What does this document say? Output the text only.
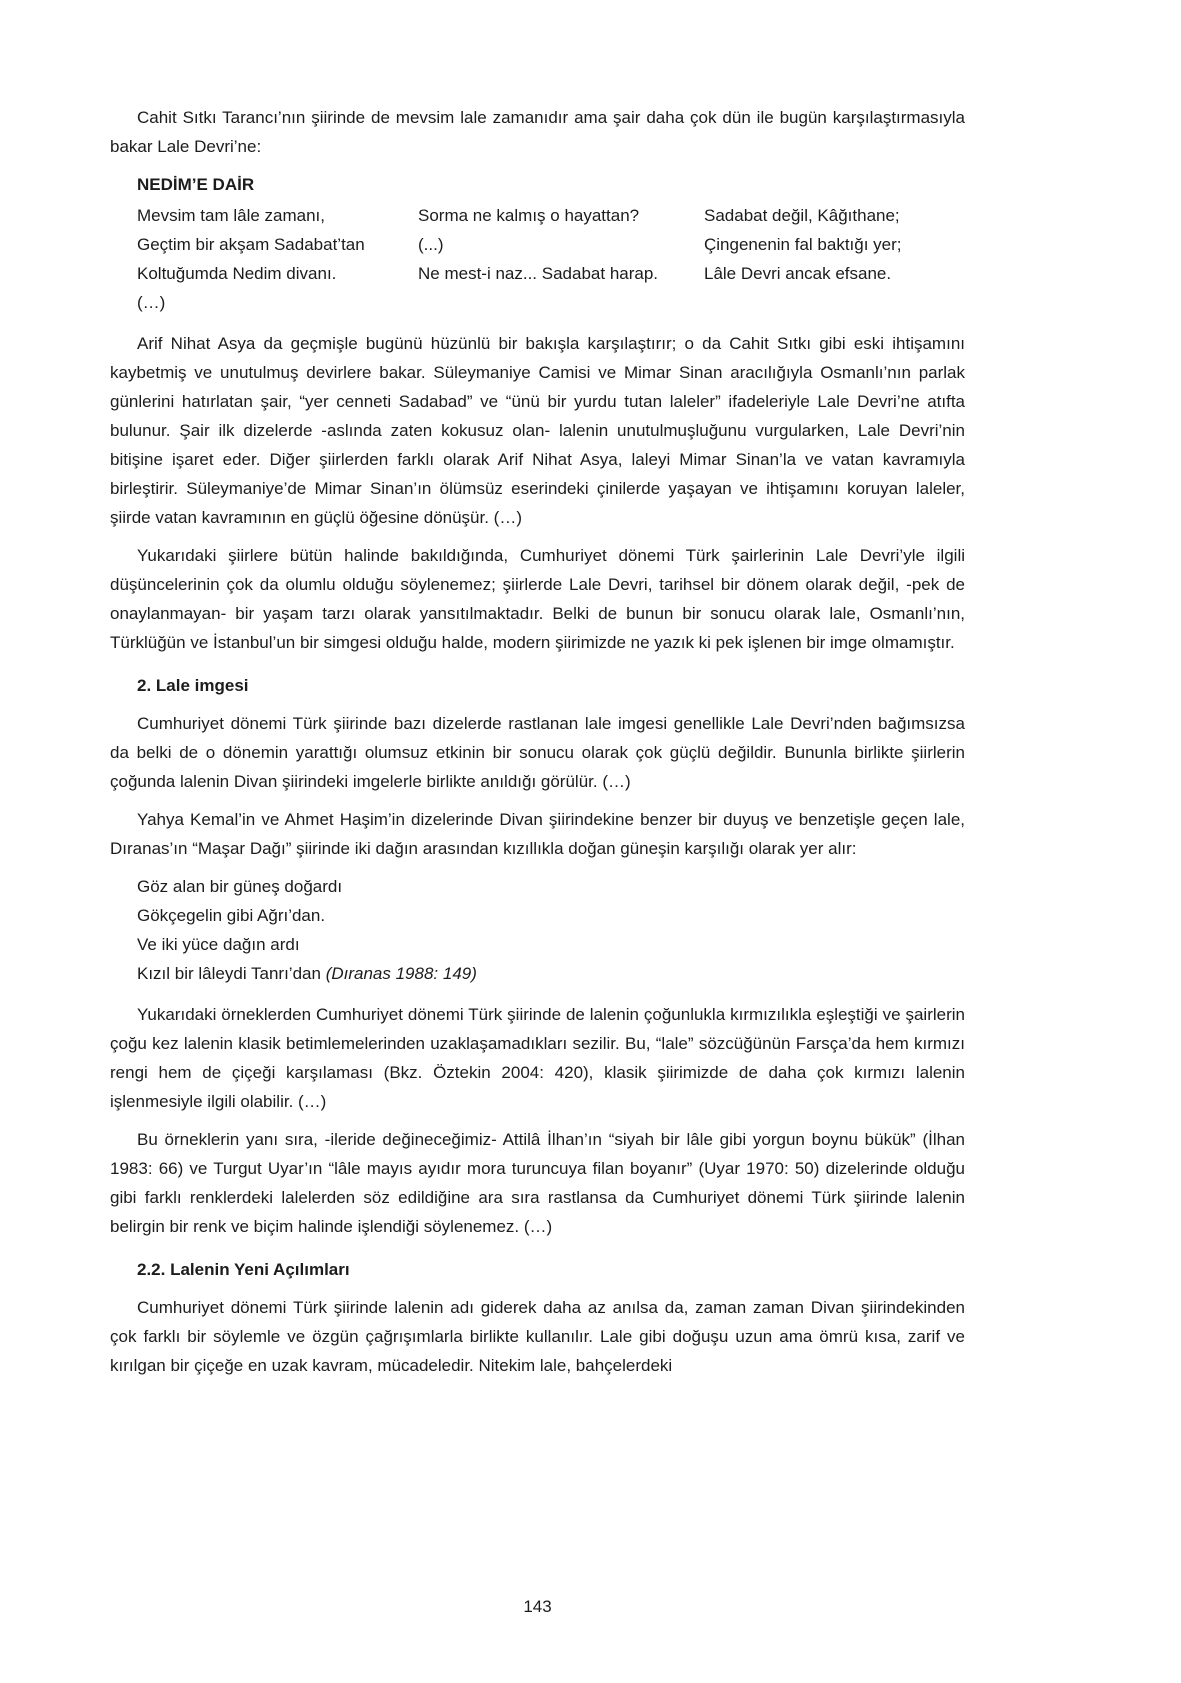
Cahit Sıtkı Tarancı’nın şiirinde de mevsim lale zamanıdır ama şair daha çok dün ile bugün karşılaştırmasıyla bakar Lale Devri’ne:

NEDİM’E DAİR
Mevsim tam lâle zamanı,
Geçtim bir akşam Sadabat’tan
Koltuğumda Nedim divanı.
(…)
Sorma ne kalmış o hayattan?
(...)
Ne mest-i naz... Sadabat harap.
Sadabat değil, Kâğıthane;
Çingenenin fal baktığı yer;
Lâle Devri ancak efsane.

Arif Nihat Asya da geçmişle bugünü hüzünlü bir bakışla karşılaştırır; o da Cahit Sıtkı gibi eski ihtişamını kaybetmiş ve unutulmuş devirlere bakar. Süleymaniye Camisi ve Mimar Sinan aracılığıyla Osmanlı’nın parlak günlerini hatırlatan şair, “yer cenneti Sadabad” ve “ünü bir yurdu tutan laleler” ifadeleriyle Lale Devri’ne atıfta bulunur. Şair ilk dizelerde -aslında zaten kokusuz olan- lalenin unutulmuşluğunu vurgularken, Lale Devri’nin bitişine işaret eder. Diğer şiirlerden farklı olarak Arif Nihat Asya, laleyi Mimar Sinan’la ve vatan kavramıyla birleştirir. Süleymaniye’de Mimar Sinan’ın ölümsüz eserindeki çinilerde yaşayan ve ihtişamını koruyan laleler, şiirde vatan kavramının en güçlü öğesine dönüşür. (…)

Yukarıdaki şiirlere bütün halinde bakıldığında, Cumhuriyet dönemi Türk şairlerinin Lale Devri’yle ilgili düşüncelerinin çok da olumlu olduğu söylenemez; şiirlerde Lale Devri, tarihsel bir dönem olarak değil, -pek de onaylanmayan- bir yaşam tarzı olarak yansıtılmaktadır. Belki de bunun bir sonucu olarak lale, Osmanlı’nın, Türklüğün ve İstanbul’un bir simgesi olduğu halde, modern şiirimizde ne yazık ki pek işlenen bir imge olmamıştır.

2. Lale imgesi

Cumhuriyet dönemi Türk şiirinde bazı dizelerde rastlanan lale imgesi genellikle Lale Devri’nden bağımsızsa da belki de o dönemin yarattığı olumsuz etkinin bir sonucu olarak çok güçlü değildir. Bununla birlikte şiirlerin çoğunda lalenin Divan şiirindeki imgelerle birlikte anıldığı görülür. (…)

Yahya Kemal’in ve Ahmet Haşim’in dizelerinde Divan şiirindekine benzer bir duyuş ve benzetişle geçen lale, Dıranas’ın “Maşar Dağı” şiirinde iki dağın arasından kızıllıkla doğan güneşin karşılığı olarak yer alır:

Göz alan bir güneş doğardı
Gökçegelin gibi Ağrı’dan.
Ve iki yüce dağın ardı
Kızıl bir lâleydi Tanrı’dan (Dıranas 1988: 149)

Yukarıdaki örneklerden Cumhuriyet dönemi Türk şiirinde de lalenin çoğunlukla kırmızılıkla eşleştiği ve şairlerin çoğu kez lalenin klasik betimlemelerinden uzaklaşamadıkları sezilir. Bu, “lale” sözcüğünün Farsça’da hem kırmızı rengi hem de çiçeği karşılaması (Bkz. Öztekin 2004: 420), klasik şiirimizde de daha çok kırmızı lalenin işlenmesiyle ilgili olabilir. (…)

Bu örneklerin yanı sıra, -ileride değineceğimiz- Attilâ İlhan’ın “siyah bir lâle gibi yorgun boynu bükük” (İlhan 1983: 66) ve Turgut Uyar’ın “lâle mayıs ayıdır mora turuncuya filan boyanır” (Uyar 1970: 50) dizelerinde olduğu gibi farklı renklerdeki lalelerden söz edildiğine ara sıra rastlansa da Cumhuriyet dönemi Türk şiirinde lalenin belirgin bir renk ve biçim halinde işlendiği söylenemez. (…)

2.2. Lalenin Yeni Açılımları

Cumhuriyet dönemi Türk şiirinde lalenin adı giderek daha az anılsa da, zaman zaman Divan şiirindekinden çok farklı bir söylemle ve özgün çağrışımlarla birlikte kullanılır. Lale gibi doğuşu uzun ama ömrü kısa, zarif ve kırılgan bir çiçeğe en uzak kavram, mücadeledir. Nitekim lale, bahçelerdeki

143
